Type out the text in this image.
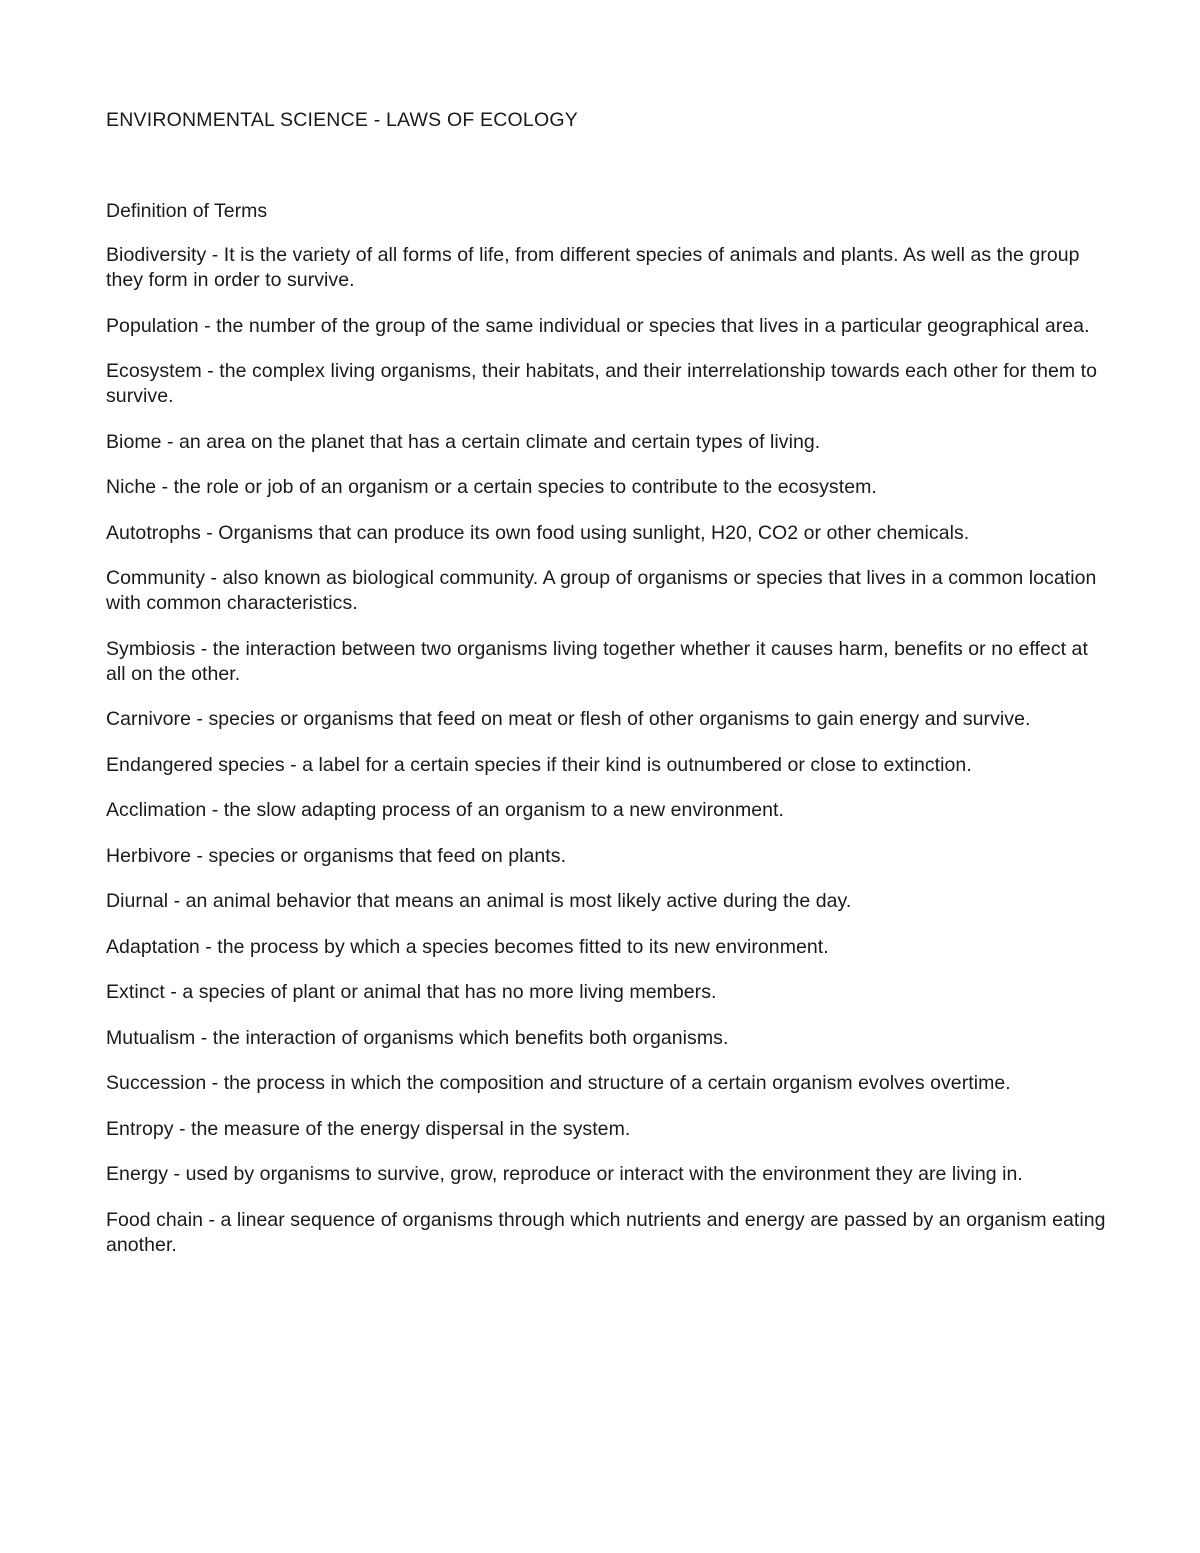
ENVIRONMENTAL SCIENCE - LAWS OF ECOLOGY
Definition of Terms
Biodiversity - It is the variety of all forms of life, from different species of animals and plants. As well as the group they form in order to survive.
Population - the number of the group of the same individual or species that lives in a particular geographical area.
Ecosystem - the complex living organisms, their habitats, and their interrelationship towards each other for them to survive.
Biome - an area on the planet that has a certain climate and certain types of living.
Niche - the role or job of an organism or a certain species to contribute to the ecosystem.
Autotrophs - Organisms that can produce its own food using sunlight, H20, CO2 or other chemicals.
Community - also known as biological community. A group of organisms or species that lives in a common location with common characteristics.
Symbiosis - the interaction between two organisms living together whether it causes harm, benefits or no effect at all on the other.
Carnivore - species or organisms that feed on meat or flesh of other organisms to gain energy and survive.
Endangered species - a label for a certain species if their kind is outnumbered or close to extinction.
Acclimation - the slow adapting process of an organism to a new environment.
Herbivore - species or organisms that feed on plants.
Diurnal - an animal behavior that means an animal is most likely active during the day.
Adaptation - the process by which a species becomes fitted to its new environment.
Extinct - a species of plant or animal that has no more living members.
Mutualism - the interaction of organisms which benefits both organisms.
Succession - the process in which the composition and structure of a certain organism evolves overtime.
Entropy - the measure of the energy dispersal in the system.
Energy - used by organisms to survive, grow, reproduce or interact with the environment they are living in.
Food chain - a linear sequence of organisms through which nutrients and energy are passed by an organism eating another.
